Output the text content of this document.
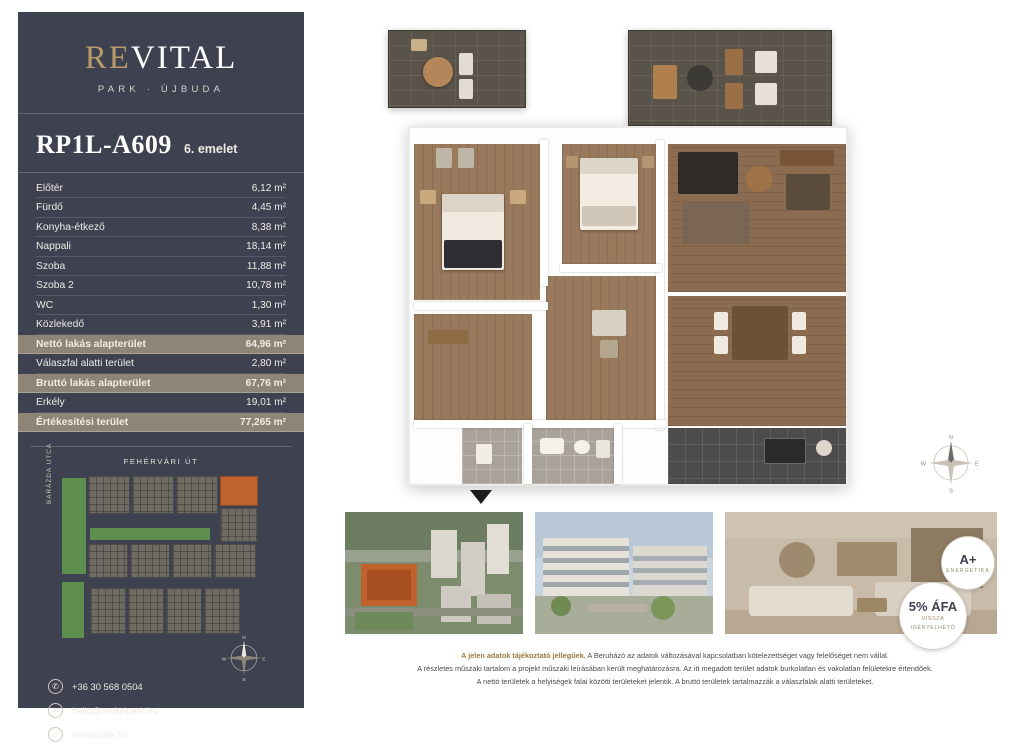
REVITAL
PARK · ÚJBUDA
RP1L-A609 6. emelet
Előtér	6,12 m²
Fürdő	4,45 m²
Konyha-étkező	8,38 m²
Nappali	18,14 m²
Szoba	11,88 m²
Szoba 2	10,78 m²
WC	1,30 m²
Közlekedő	3,91 m²
Nettó lakás alapterület	64,96 m²
Válaszfal alatti terület	2,80 m²
Bruttó lakás alapterület	67,76 m²
Erkély	19,01 m²
Értékesítési terület	77,265 m²
FEHÉRVÁRI ÚT
BARÁZDA UTCA
✆	+36 30 568 0504
✉	hello@revitalpark.hu
⌂	revitalpark.hu
N
S
W	E
N
S
W	E
A+
ENERGETIKA
5% ÁFA
VISSZA
IGÉNYELHETŐ
A jelen adatok tájékoztató jellegűek. A Beruházó az adatok változásával kapcsolatban kötelezettséget vagy felelőséget nem vállal.
A részletes műszaki tartalom a projekt műszaki leírásában került meghatározásra. Az itt megadott terület adatok burkolatlan és vakolatlan felületekre értendőek.
A nettó területek a helyiségek falai közötti területeket jelentik. A bruttó területek tartalmazzák a válaszfalak alatti területeket.
